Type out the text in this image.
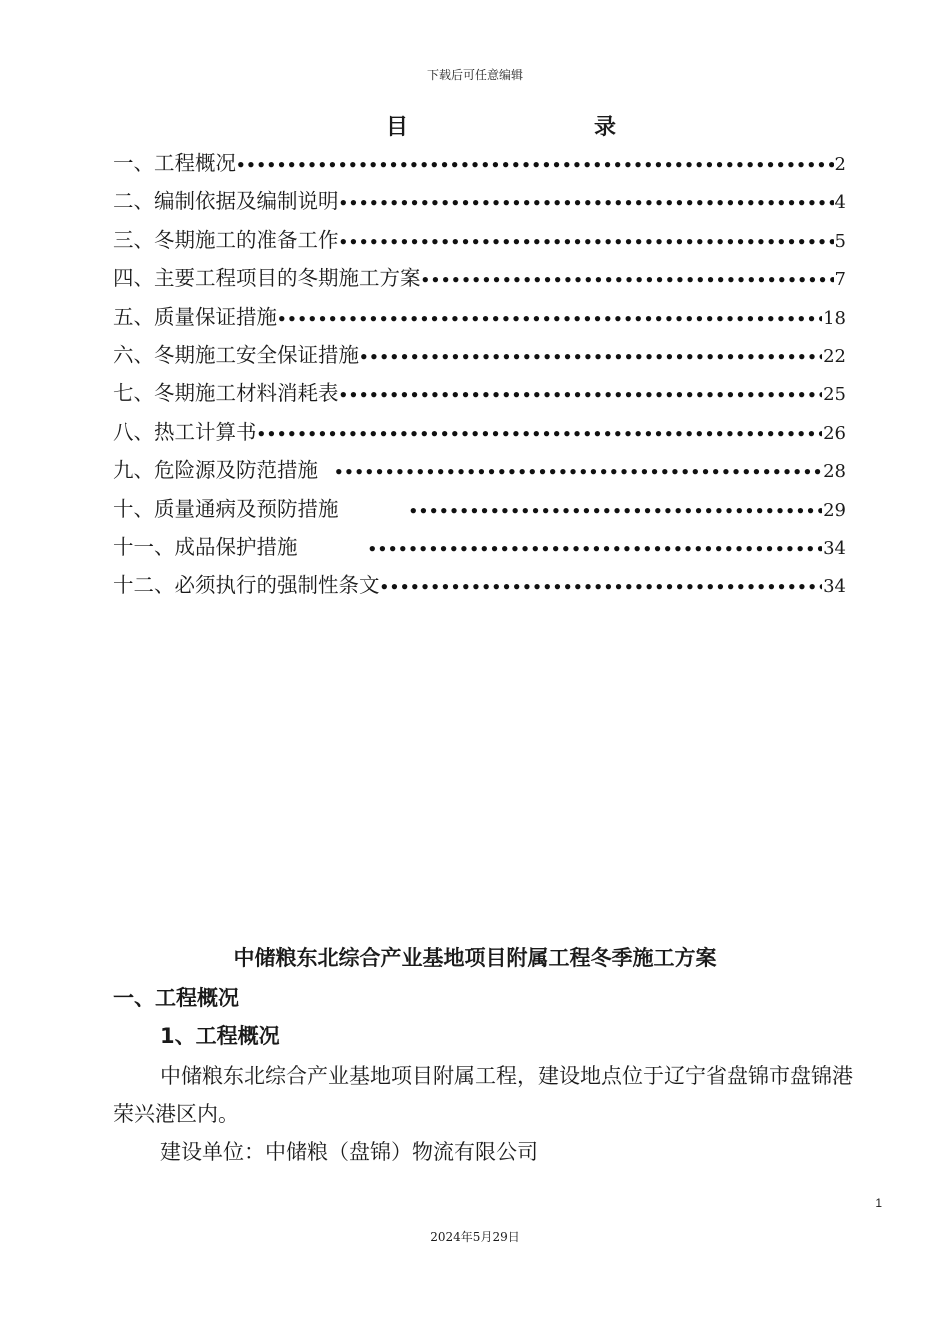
下载后可任意编辑
目	录
一、工程概况 •••••	2
二、编制依据及编制说明 •••••	4
三、冬期施工的准备工作 •••••	5
四、主要工程项目的冬期施工方案 •••••	7
五、质量保证措施 •••••	18
六、冬期施工安全保证措施 •••••	22
七、冬期施工材料消耗表 •••••	25
八、热工计算书 •••••	26
九、危险源及防范措施 •••••	28
十、质量通病及预防措施 •••••	29
十一、成品保护措施 •••••	34
十二、必须执行的强制性条文 •••••	34
中储粮东北综合产业基地项目附属工程冬季施工方案
一、工程概况
1、工程概况
中储粮东北综合产业基地项目附属工程，建设地点位于辽宁省盘锦市盘锦港荣兴港区内。
建设单位：中储粮（盘锦）物流有限公司
1
2024年5月29日
